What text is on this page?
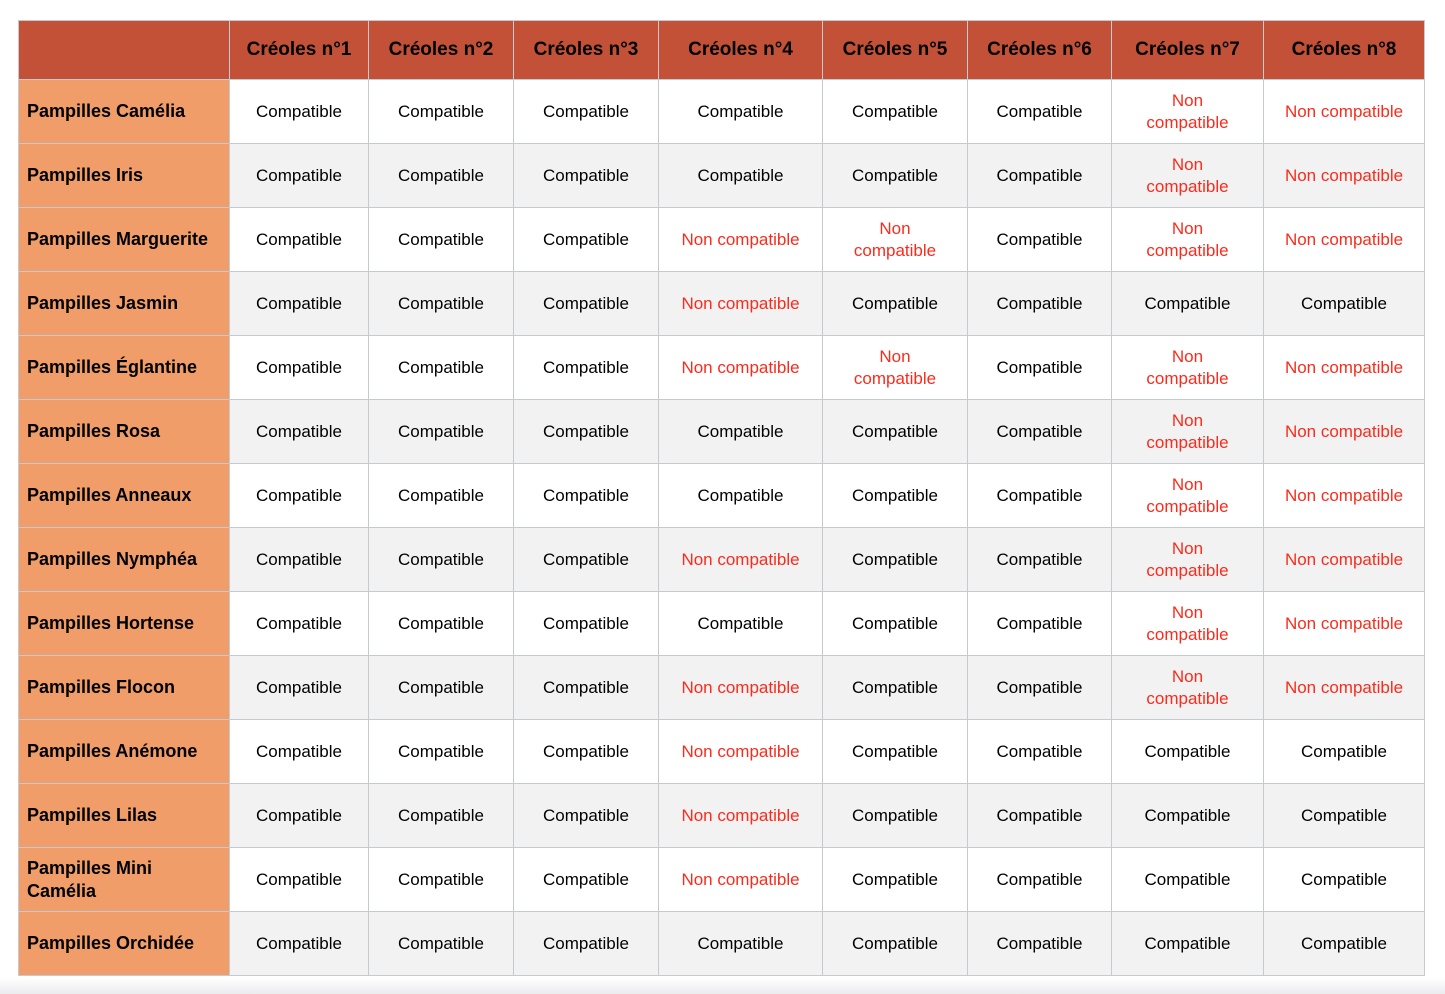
	Créoles n°1	Créoles n°2	Créoles n°3	Créoles n°4	Créoles n°5	Créoles n°6	Créoles n°7	Créoles n°8
Pampilles Camélia	Compatible	Compatible	Compatible	Compatible	Compatible	Compatible	Non compatible	Non compatible
Pampilles Iris	Compatible	Compatible	Compatible	Compatible	Compatible	Compatible	Non compatible	Non compatible
Pampilles Marguerite	Compatible	Compatible	Compatible	Non compatible	Non compatible	Compatible	Non compatible	Non compatible
Pampilles Jasmin	Compatible	Compatible	Compatible	Non compatible	Compatible	Compatible	Compatible	Compatible
Pampilles Églantine	Compatible	Compatible	Compatible	Non compatible	Non compatible	Compatible	Non compatible	Non compatible
Pampilles Rosa	Compatible	Compatible	Compatible	Compatible	Compatible	Compatible	Non compatible	Non compatible
Pampilles Anneaux	Compatible	Compatible	Compatible	Compatible	Compatible	Compatible	Non compatible	Non compatible
Pampilles Nymphéa	Compatible	Compatible	Compatible	Non compatible	Compatible	Compatible	Non compatible	Non compatible
Pampilles Hortense	Compatible	Compatible	Compatible	Compatible	Compatible	Compatible	Non compatible	Non compatible
Pampilles Flocon	Compatible	Compatible	Compatible	Non compatible	Compatible	Compatible	Non compatible	Non compatible
Pampilles Anémone	Compatible	Compatible	Compatible	Non compatible	Compatible	Compatible	Compatible	Compatible
Pampilles Lilas	Compatible	Compatible	Compatible	Non compatible	Compatible	Compatible	Compatible	Compatible
Pampilles Mini Camélia	Compatible	Compatible	Compatible	Non compatible	Compatible	Compatible	Compatible	Compatible
Pampilles Orchidée	Compatible	Compatible	Compatible	Compatible	Compatible	Compatible	Compatible	Compatible
